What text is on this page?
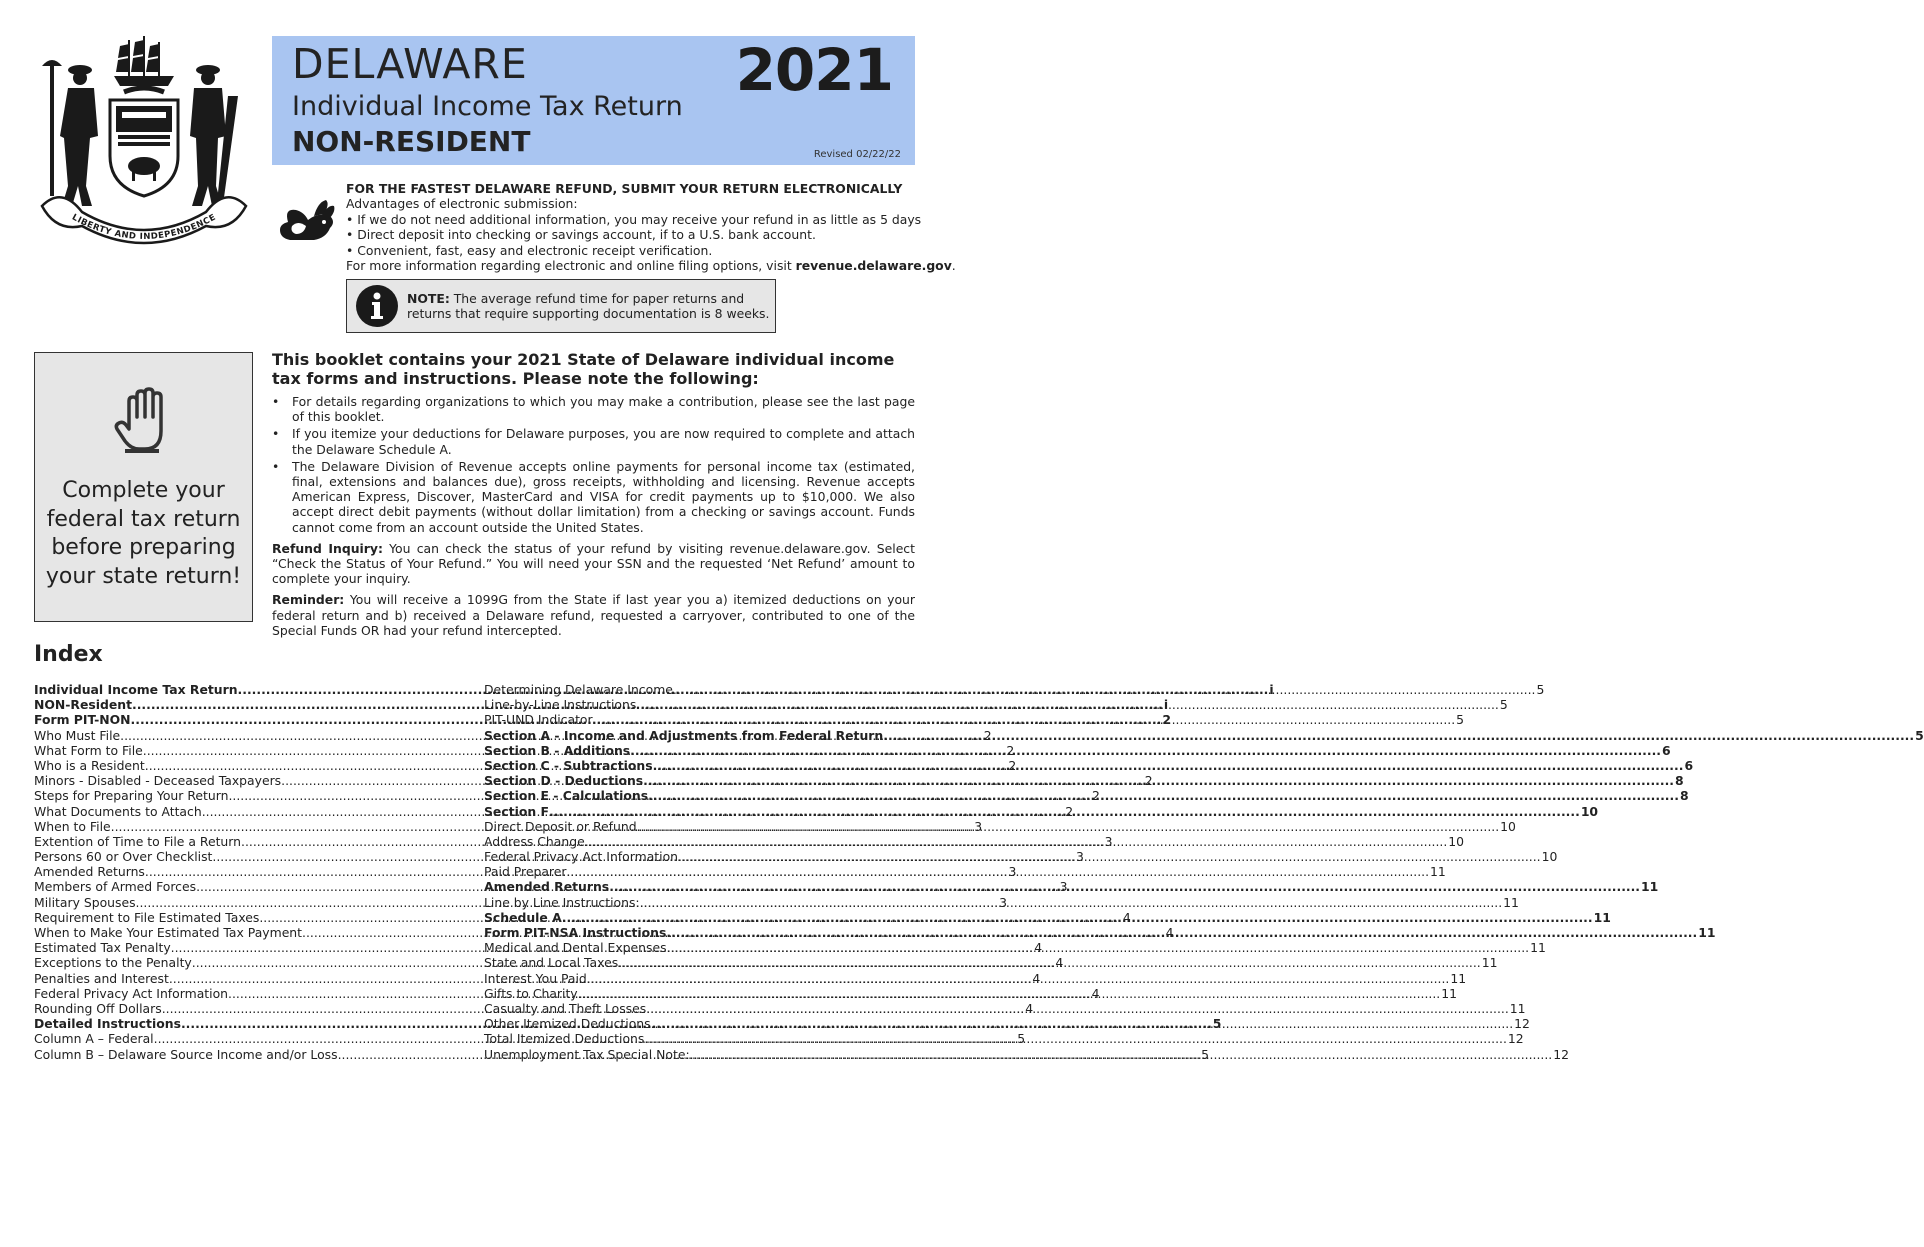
LIBERTY AND INDEPENDENCE
DELAWARE
Individual Income Tax Return
NON-RESIDENT
2021
Revised 02/22/22
FOR THE FASTEST DELAWARE REFUND, SUBMIT YOUR RETURN ELECTRONICALLY
Advantages of electronic submission:
• If we do not need additional information, you may receive your refund in as little as 5 days
• Direct deposit into checking or savings account, if to a U.S. bank account.
• Convenient, fast, easy and electronic receipt verification.
For more information regarding electronic and online filing options, visit revenue.delaware.gov.
NOTE: The average refund time for paper returns and returns that require supporting documentation is 8 weeks.
Complete your federal tax return before preparing your state return!
This booklet contains your 2021 State of Delaware individual income tax forms and instructions. Please note the following:
• For details regarding organizations to which you may make a contribution, please see the last page of this booklet.
• If you itemize your deductions for Delaware purposes, you are now required to complete and attach the Delaware Schedule A.
• The Delaware Division of Revenue accepts online payments for personal income tax (estimated, final, extensions and balances due), gross receipts, withholding and licensing. Revenue accepts American Express, Discover, MasterCard and VISA for credit payments up to $10,000. We also accept direct debit payments (without dollar limitation) from a checking or savings account. Funds cannot come from an account outside the United States.

Refund Inquiry: You can check the status of your refund by visiting revenue.delaware.gov. Select “Check the Status of Your Refund.” You will need your SSN and the requested ‘Net Refund’ amount to complete your inquiry.

Reminder: You will receive a 1099G from the State if last year you a) itemized deductions on your federal return and b) received a Delaware refund, requested a carryover, contributed to one of the Special Funds OR had your refund intercepted.

Index
Individual Income Tax Return .....	i
NON-Resident .....	i
Form PIT-NON .....	2
Who Must File .....	2
What Form to File .....	2
Who is a Resident .....	2
Minors - Disabled - Deceased Taxpayers .....	2
Steps for Preparing Your Return .....	2
What Documents to Attach .....	2
When to File .....	3
Extention of Time to File a Return .....	3
Persons 60 or Over Checklist .....	3
Amended Returns .....	3
Members of Armed Forces .....	3
Military Spouses .....	3
Requirement to File Estimated Taxes .....	4
When to Make Your Estimated Tax Payment .....	4
Estimated Tax Penalty .....	4
Exceptions to the Penalty .....	4
Penalties and Interest .....	4
Federal Privacy Act Information .....	4
Rounding Off Dollars .....	4
Detailed Instructions .....	5
Column A – Federal .....	5
Column B – Delaware Source Income and/or Loss .....	5
Determining Delaware Income .....	5
Line-by-Line Instructions .....	5
PIT-UND Indicator .....	5
Section A - Income and Adjustments from Federal Return .....	5
Section B - Additions .....	6
Section C - Subtractions .....	6
Section D - Deductions .....	8
Section E - Calculations .....	8
Section F .....	10
Direct Deposit or Refund .....	10
Address Change .....	10
Federal Privacy Act Information .....	10
Paid Preparer .....	11
Amended Returns .....	11
Line by Line Instructions: .....	11
Schedule A .....	11
Form PIT-NSA Instructions .....	11
Medical and Dental Expenses .....	11
State and Local Taxes .....	11
Interest You Paid .....	11
Gifts to Charity .....	11
Casualty and Theft Losses .....	11
Other Itemized Deductions .....	12
Total Itemized Deductions .....	12
Unemployment Tax Special Note: .....	12
